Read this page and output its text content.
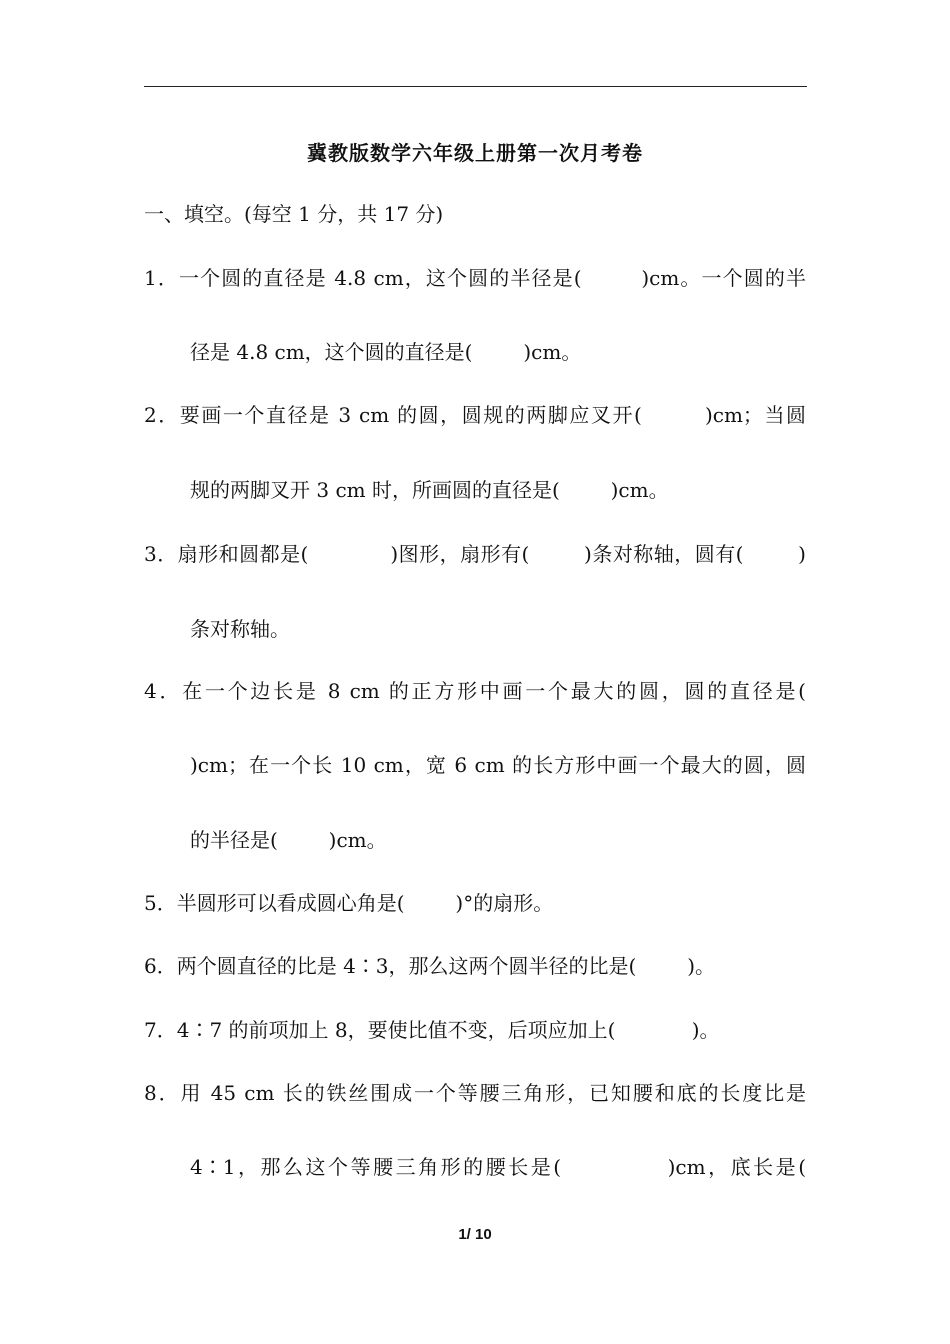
冀教版数学六年级上册第一次月考卷
一、填空。(每空 1 分，共 17 分)
1．一个圆的直径是 4.8 cm，这个圆的半径是(        )cm。一个圆的半
径是 4.8 cm，这个圆的直径是(        )cm。
2．要画一个直径是 3 cm 的圆，圆规的两脚应叉开(        )cm；当圆
规的两脚叉开 3 cm 时，所画圆的直径是(        )cm。
3．扇形和圆都是(            )图形，扇形有(        )条对称轴，圆有(        )
条对称轴。
4．在一个边长是 8 cm 的正方形中画一个最大的圆，圆的直径是(
)cm；在一个长 10 cm，宽 6 cm 的长方形中画一个最大的圆，圆
的半径是(        )cm。
5．半圆形可以看成圆心角是(        )°的扇形。
6．两个圆直径的比是 4∶3，那么这两个圆半径的比是(        )。
7．4∶7 的前项加上 8，要使比值不变，后项应加上(            )。
8．用 45 cm 长的铁丝围成一个等腰三角形，已知腰和底的长度比是
4∶1，那么这个等腰三角形的腰长是(            )cm，底长是(
1/ 10
